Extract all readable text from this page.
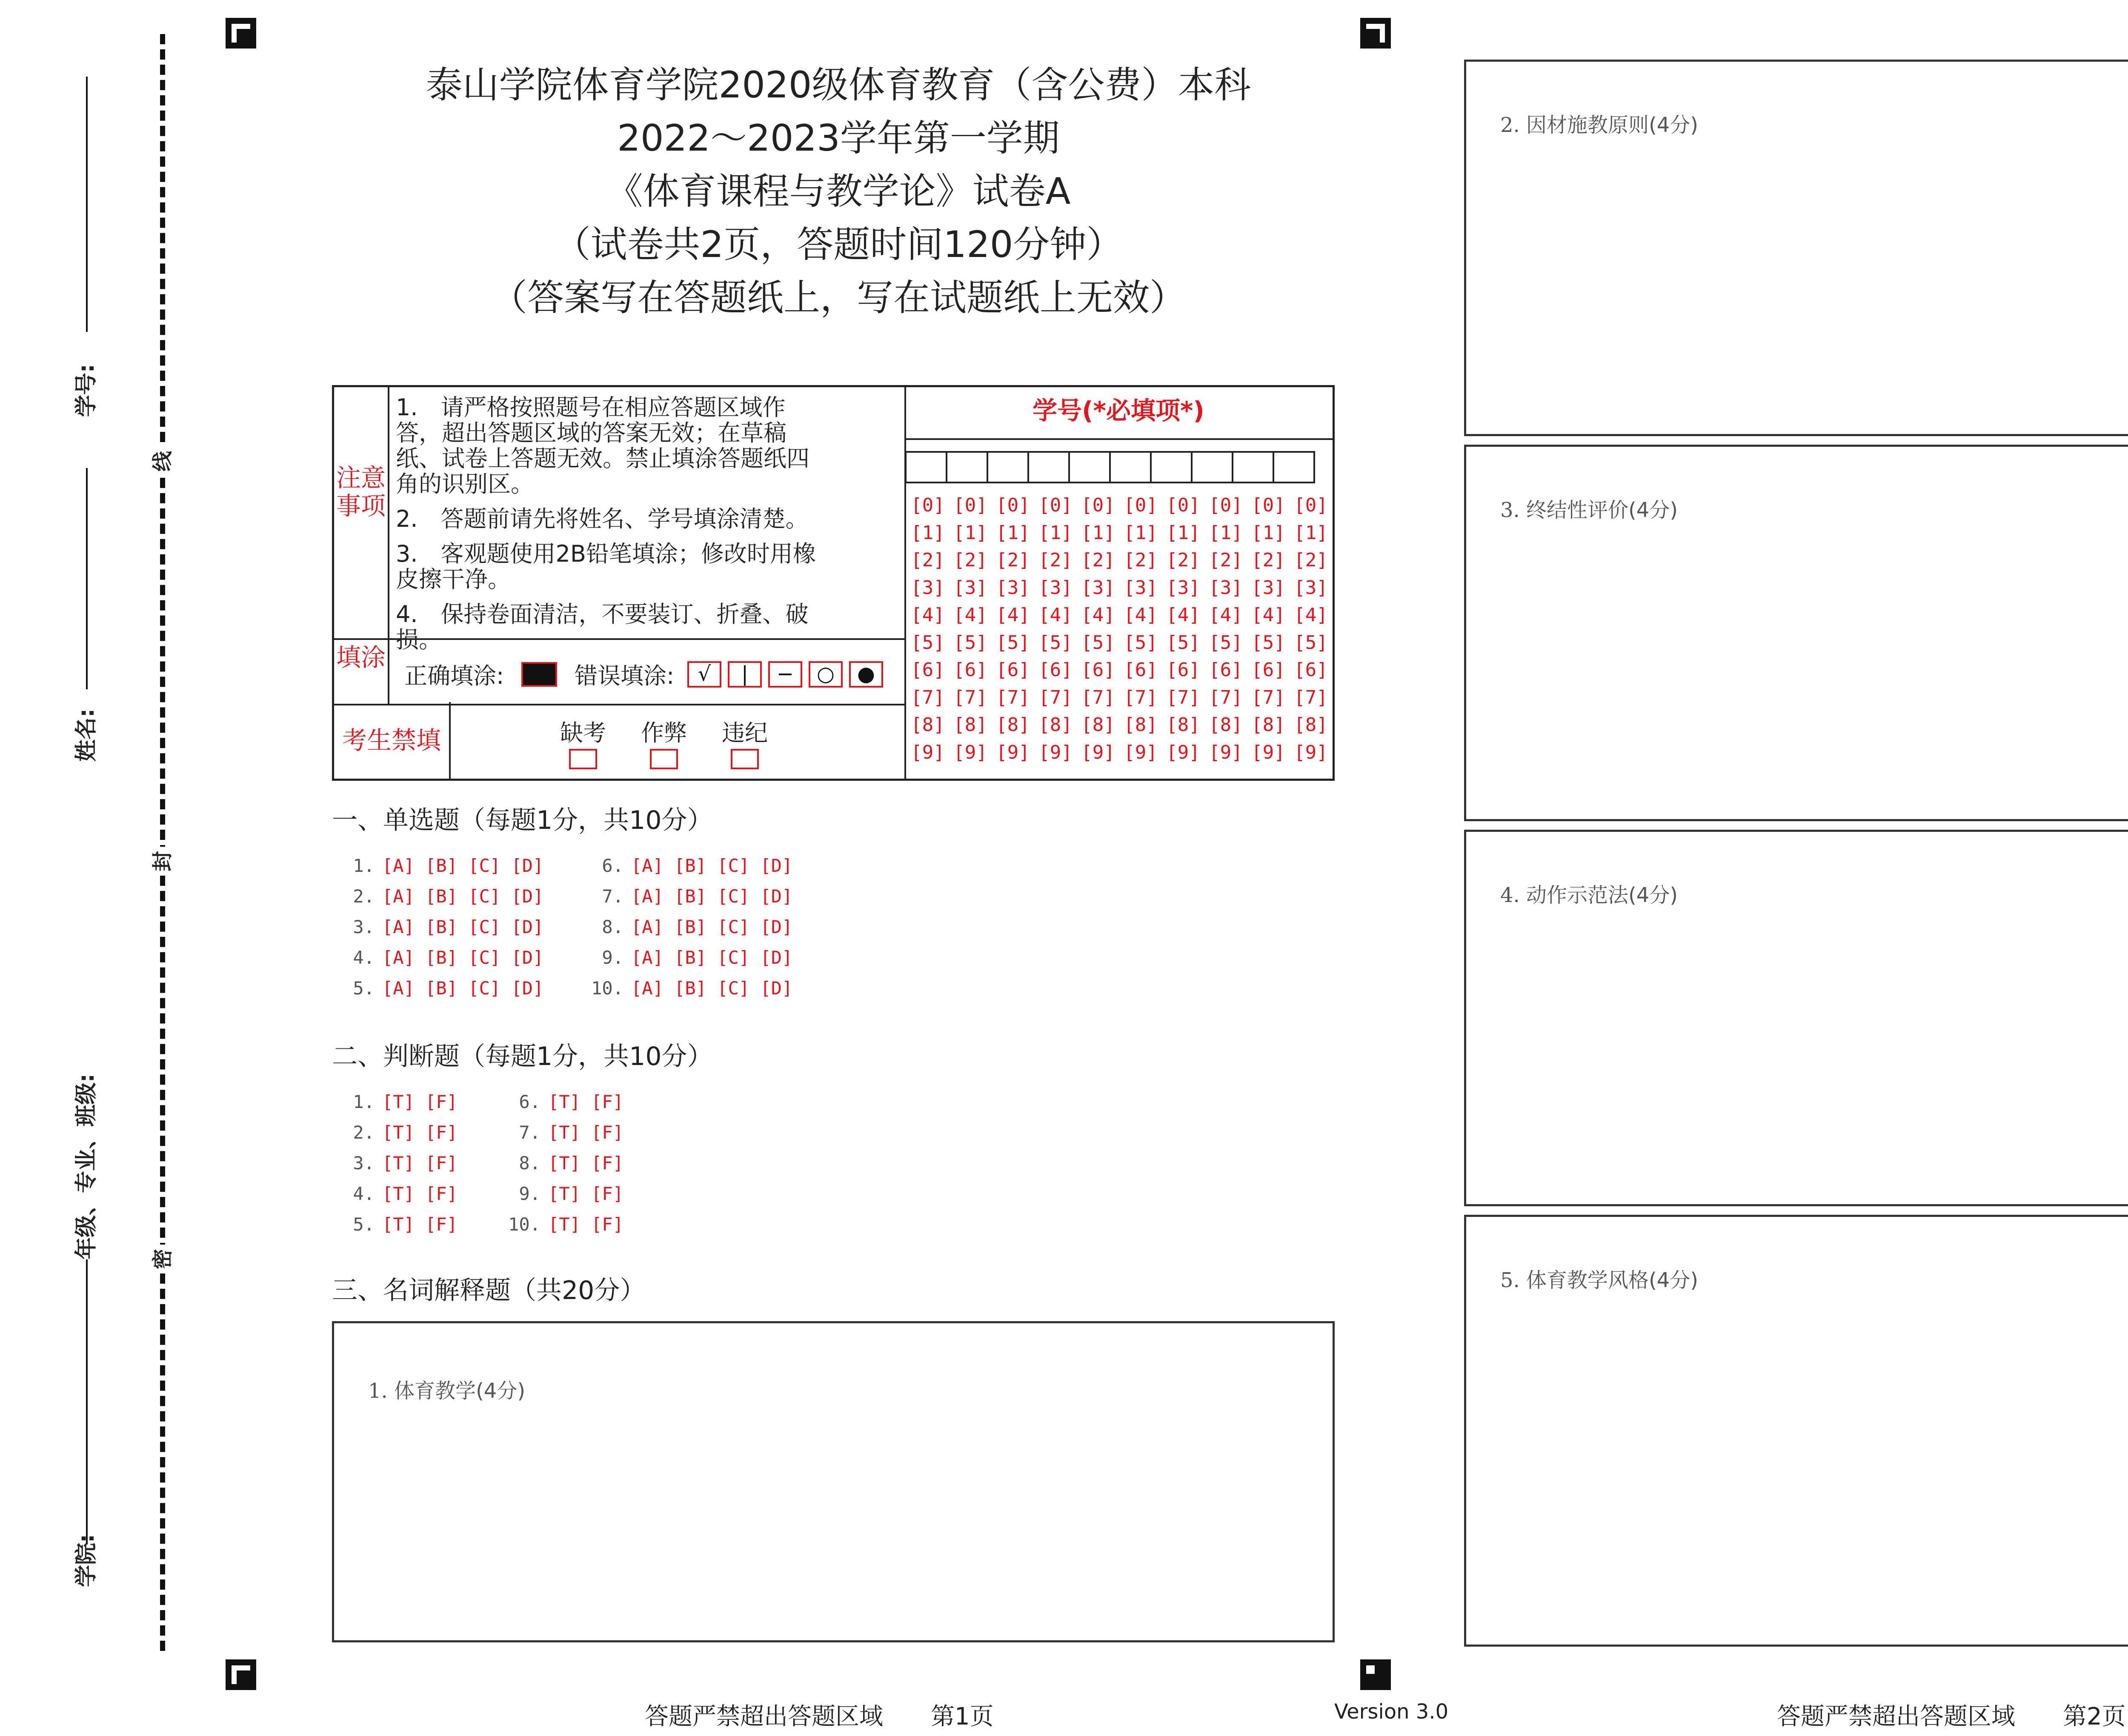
线
封
密
学号:
姓名:
年级、专业、班级:
学院:
泰山学院体育学院2020级体育教育（含公费）本科
2022～2023学年第一学期
《体育课程与教学论》试卷A
（试卷共2页，答题时间120分钟）
（答案写在答题纸上，写在试题纸上无效）
注意事项

1.　请严格按照题号在相应答题区域作答，超出答题区域的答案无效；在草稿纸、试卷上答题无效。禁止填涂答题纸四角的识别区。

2.　答题前请先将姓名、学号填涂清楚。

3.　客观题使用2B铅笔填涂；修改时用橡皮擦干净。

4.　保持卷面清洁，不要装订、折叠、破损。

填涂
正确填涂:	错误填涂:	√	|	−	○	●
考生禁填	缺考 作弊 违纪
学号(*必填项*)
[0] [0] [0] [0] [0] [0] [0] [0] [0] [0]
[1] [1] [1] [1] [1] [1] [1] [1] [1] [1]
[2] [2] [2] [2] [2] [2] [2] [2] [2] [2]
[3] [3] [3] [3] [3] [3] [3] [3] [3] [3]
[4] [4] [4] [4] [4] [4] [4] [4] [4] [4]
[5] [5] [5] [5] [5] [5] [5] [5] [5] [5]
[6] [6] [6] [6] [6] [6] [6] [6] [6] [6]
[7] [7] [7] [7] [7] [7] [7] [7] [7] [7]
[8] [8] [8] [8] [8] [8] [8] [8] [8] [8]
[9] [9] [9] [9] [9] [9] [9] [9] [9] [9]
一、单选题（每题1分，共10分）
1. [A] [B] [C] [D]
2. [A] [B] [C] [D]
3. [A] [B] [C] [D]
4. [A] [B] [C] [D]
5. [A] [B] [C] [D]
6. [A] [B] [C] [D]
7. [A] [B] [C] [D]
8. [A] [B] [C] [D]
9. [A] [B] [C] [D]
10. [A] [B] [C] [D]
二、判断题（每题1分，共10分）
1. [T] [F]
2. [T] [F]
3. [T] [F]
4. [T] [F]
5. [T] [F]
6. [T] [F]
7. [T] [F]
8. [T] [F]
9. [T] [F]
10. [T] [F]
三、名词解释题（共20分）
1. 体育教学(4分)
2. 因材施教原则(4分)
3. 终结性评价(4分)
4. 动作示范法(4分)
5. 体育教学风格(4分)
答题严禁超出答题区域　　第1页	Version 3.0	答题严禁超出答题区域　　第2页
